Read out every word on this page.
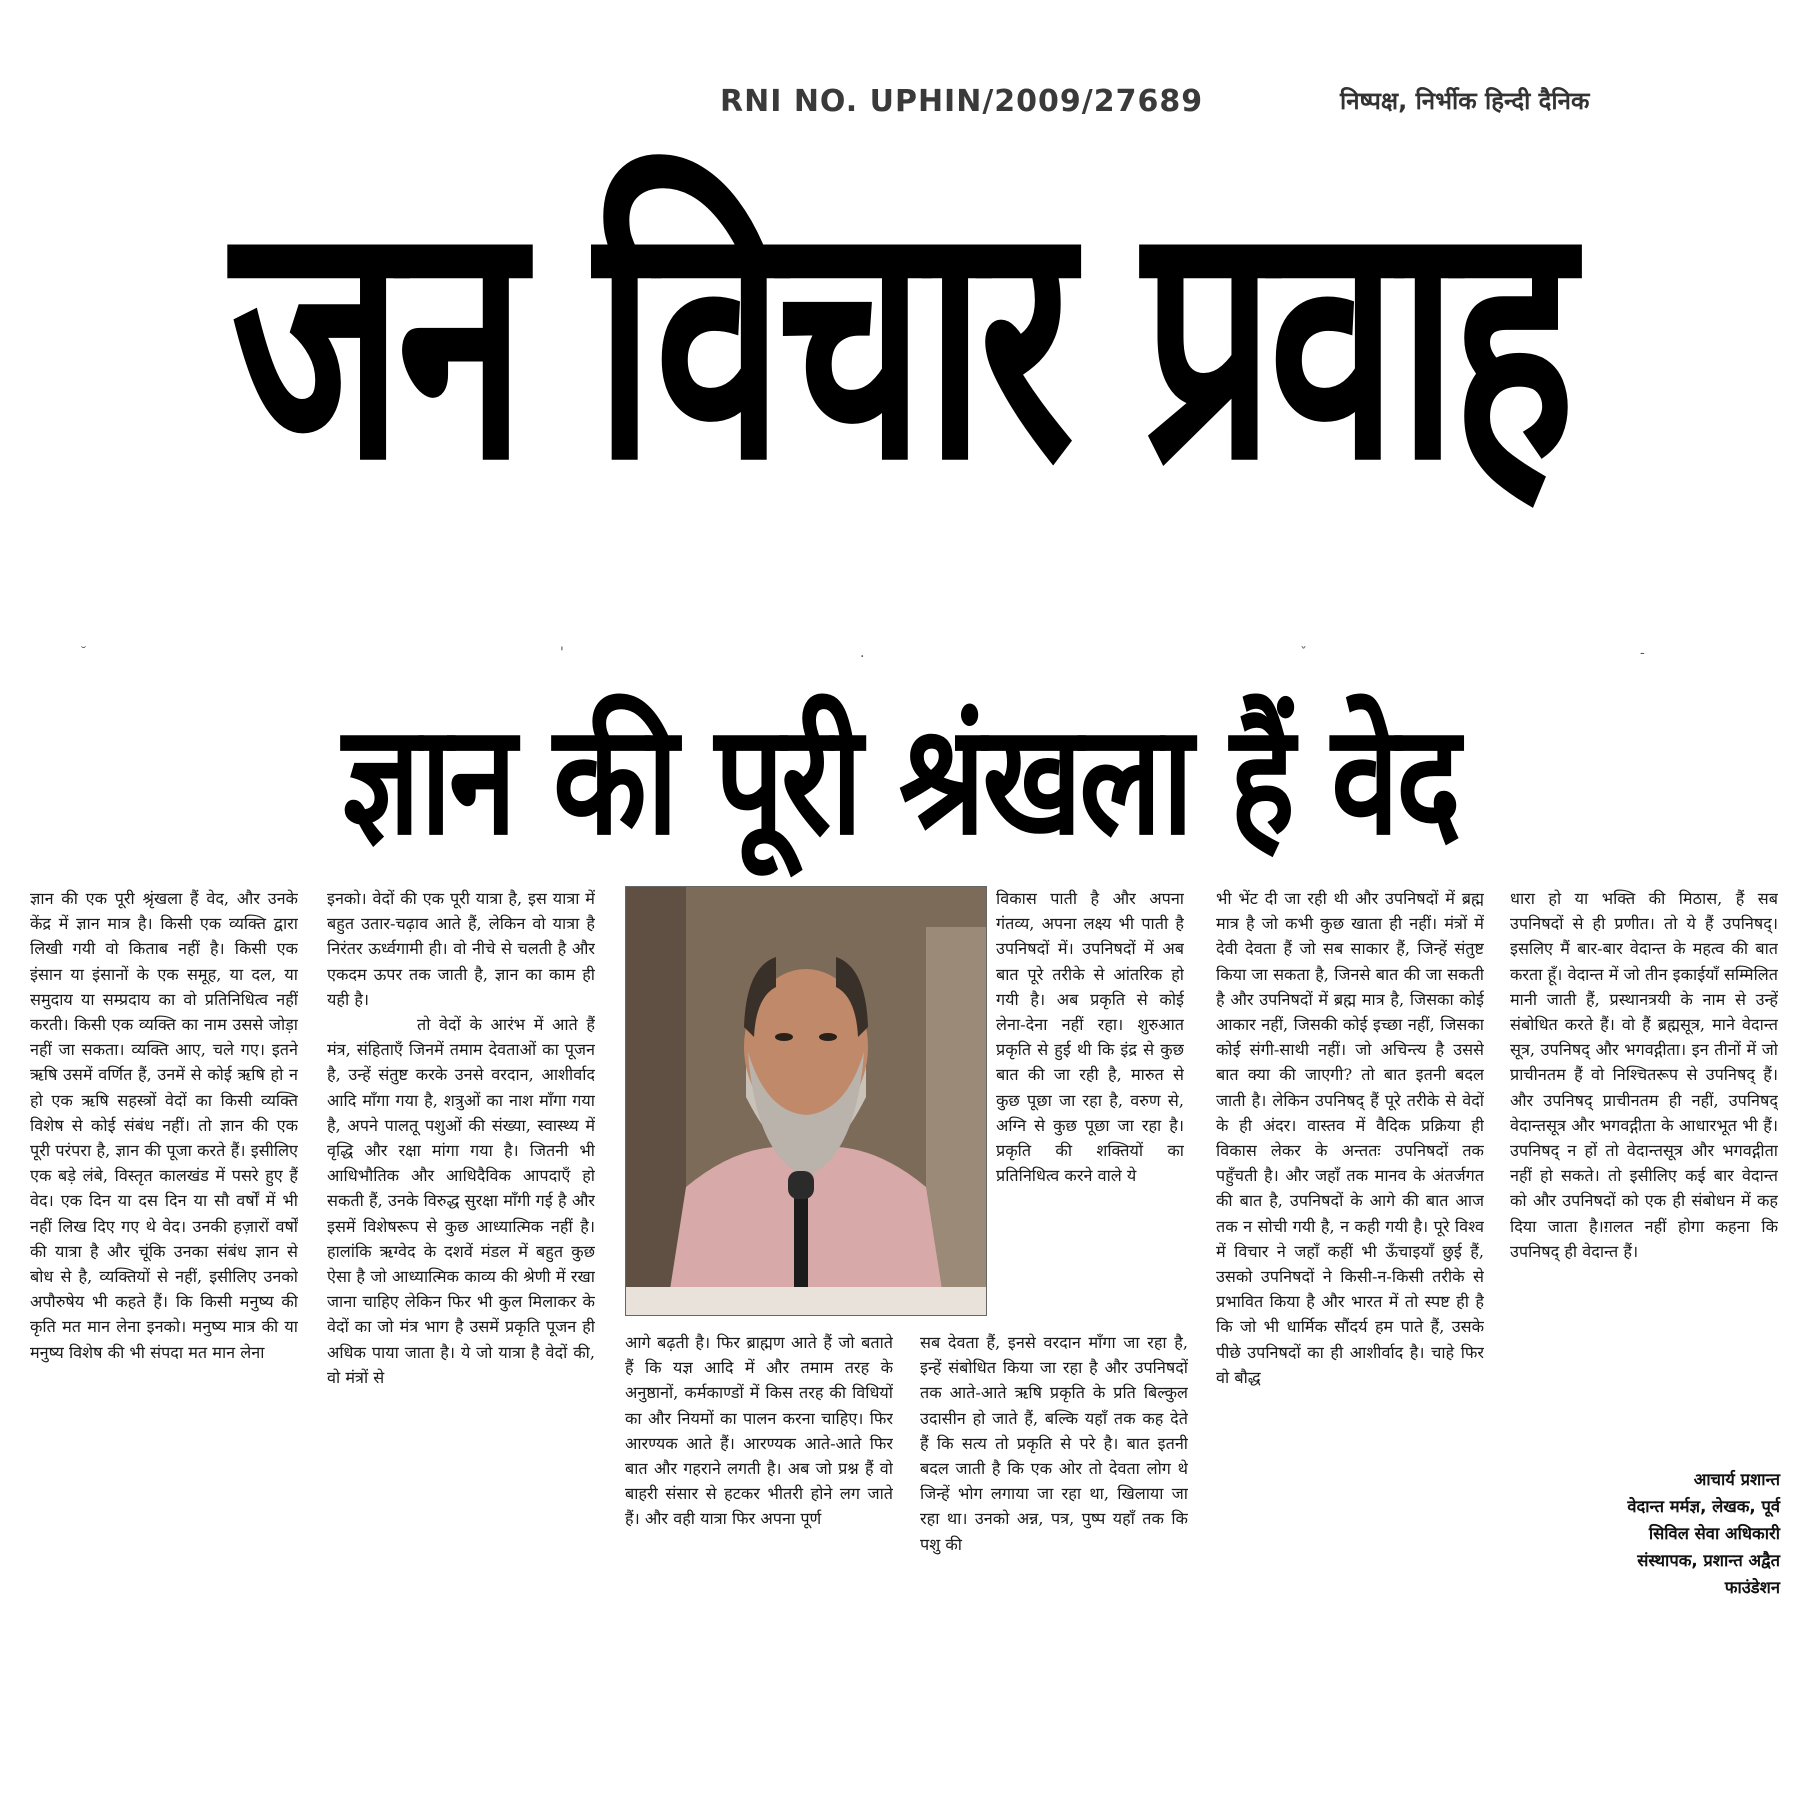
RNI NO. UPHIN/2009/27689	निष्पक्ष, निर्भीक हिन्दी दैनिक
जन विचार प्रवाह
˘	'	.	ˇ	-
ज्ञान की पूरी श्रंखला हैं वेद

ज्ञान की एक पूरी श्रृंखला हैं वेद, और उनके केंद्र में ज्ञान मात्र है। किसी एक व्यक्ति द्वारा लिखी गयी वो किताब नहीं है। किसी एक इंसान या इंसानों के एक समूह, या दल, या समुदाय या सम्प्रदाय का वो प्रतिनिधित्व नहीं करती। किसी एक व्यक्ति का नाम उससे जोड़ा नहीं जा सकता। व्यक्ति आए, चले गए। इतने ऋषि उसमें वर्णित हैं, उनमें से कोई ऋषि हो न हो एक ऋषि सहस्त्रों वेदों का किसी व्यक्ति विशेष से कोई संबंध नहीं। तो ज्ञान की एक पूरी परंपरा है, ज्ञान की पूजा करते हैं। इसीलिए एक बड़े लंबे, विस्तृत कालखंड में पसरे हुए हैं वेद। एक दिन या दस दिन या सौ वर्षों में भी नहीं लिख दिए गए थे वेद। उनकी हज़ारों वर्षों की यात्रा है और चूंकि उनका संबंध ज्ञान से बोध से है, व्यक्तियों से नहीं, इसीलिए उनको अपौरुषेय भी कहते हैं। कि किसी मनुष्य की कृति मत मान लेना इनको। मनुष्य मात्र की या मनुष्य विशेष की भी संपदा मत मान लेना

इनको। वेदों की एक पूरी यात्रा है, इस यात्रा में बहुत उतार-चढ़ाव आते हैं, लेकिन वो यात्रा है निरंतर ऊर्ध्वगामी ही। वो नीचे से चलती है और एकदम ऊपर तक जाती है, ज्ञान का काम ही यही है।

तो वेदों के आरंभ में आते हैं मंत्र, संहिताएँ जिनमें तमाम देवताओं का पूजन है, उन्हें संतुष्ट करके उनसे वरदान, आशीर्वाद आदि माँगा गया है, शत्रुओं का नाश माँगा गया है, अपने पालतू पशुओं की संख्या, स्वास्थ्य में वृद्धि और रक्षा मांगा गया है। जितनी भी आधिभौतिक और आधिदैविक आपदाएँ हो सकती हैं, उनके विरुद्ध सुरक्षा माँगी गई है और इसमें विशेषरूप से कुछ आध्यात्मिक नहीं है। हालांकि ऋग्वेद के दशवें मंडल में बहुत कुछ ऐसा है जो आध्यात्मिक काव्य की श्रेणी में रखा जाना चाहिए लेकिन फिर भी कुल मिलाकर के वेदों का जो मंत्र भाग है उसमें प्रकृति पूजन ही अधिक पाया जाता है। ये जो यात्रा है वेदों की, वो मंत्रों से

विकास पाती है और अपना गंतव्य, अपना लक्ष्य भी पाती है उपनिषदों में। उपनिषदों में अब बात पूरे तरीके से आंतरिक हो गयी है। अब प्रकृति से कोई लेना-देना नहीं रहा। शुरुआत प्रकृति से हुई थी कि इंद्र से कुछ बात की जा रही है, मारुत से कुछ पूछा जा रहा है, वरुण से, अग्नि से कुछ पूछा जा रहा है। प्रकृति की शक्तियों का प्रतिनिधित्व करने वाले ये

आगे बढ़ती है। फिर ब्राह्मण आते हैं जो बताते हैं कि यज्ञ आदि में और तमाम तरह के अनुष्ठानों, कर्मकाण्डों में किस तरह की विधियों का और नियमों का पालन करना चाहिए। फिर आरण्यक आते हैं। आरण्यक आते-आते फिर बात और गहराने लगती है। अब जो प्रश्न हैं वो बाहरी संसार से हटकर भीतरी होने लग जाते हैं। और वही यात्रा फिर अपना पूर्ण

सब देवता हैं, इनसे वरदान माँगा जा रहा है, इन्हें संबोधित किया जा रहा है और उपनिषदों तक आते-आते ऋषि प्रकृति के प्रति बिल्कुल उदासीन हो जाते हैं, बल्कि यहाँ तक कह देते हैं कि सत्य तो प्रकृति से परे है। बात इतनी बदल जाती है कि एक ओर तो देवता लोग थे जिन्हें भोग लगाया जा रहा था, खिलाया जा रहा था। उनको अन्न, पत्र, पुष्प यहाँ तक कि पशु की

भी भेंट दी जा रही थी और उपनिषदों में ब्रह्म मात्र है जो कभी कुछ खाता ही नहीं। मंत्रों में देवी देवता हैं जो सब साकार हैं, जिन्हें संतुष्ट किया जा सकता है, जिनसे बात की जा सकती है और उपनिषदों में ब्रह्म मात्र है, जिसका कोई आकार नहीं, जिसकी कोई इच्छा नहीं, जिसका कोई संगी-साथी नहीं। जो अचिन्त्य है उससे बात क्या की जाएगी? तो बात इतनी बदल जाती है। लेकिन उपनिषद् हैं पूरे तरीके से वेदों के ही अंदर। वास्तव में वैदिक प्रक्रिया ही विकास लेकर के अन्ततः उपनिषदों तक पहुँचती है। और जहाँ तक मानव के अंतर्जगत की बात है, उपनिषदों के आगे की बात आज तक न सोची गयी है, न कही गयी है। पूरे विश्व में विचार ने जहाँ कहीं भी ऊँचाइयाँ छुई हैं, उसको उपनिषदों ने किसी-न-किसी तरीके से प्रभावित किया है और भारत में तो स्पष्ट ही है कि जो भी धार्मिक सौंदर्य हम पाते हैं, उसके पीछे उपनिषदों का ही आशीर्वाद है। चाहे फिर वो बौद्ध

धारा हो या भक्ति की मिठास, हैं सब उपनिषदों से ही प्रणीत। तो ये हैं उपनिषद्। इसलिए मैं बार-बार वेदान्त के महत्व की बात करता हूँ। वेदान्त में जो तीन इकाईयाँ सम्मिलित मानी जाती हैं, प्रस्थानत्रयी के नाम से उन्हें संबोधित करते हैं। वो हैं ब्रह्मसूत्र, माने वेदान्त सूत्र, उपनिषद् और भगवद्गीता। इन तीनों में जो प्राचीनतम हैं वो निश्चितरूप से उपनिषद् हैं। और उपनिषद् प्राचीनतम ही नहीं, उपनिषद् वेदान्तसूत्र और भगवद्गीता के आधारभूत भी हैं। उपनिषद् न हों तो वेदान्तसूत्र और भगवद्गीता नहीं हो सकते। तो इसीलिए कई बार वेदान्त को और उपनिषदों को एक ही संबोधन में कह दिया जाता है।ग़लत नहीं होगा कहना कि उपनिषद् ही वेदान्त हैं।

आचार्य प्रशान्त
वेदान्त मर्मज्ञ, लेखक, पूर्व
सिविल सेवा अधिकारी
संस्थापक, प्रशान्त अद्वैत
फाउंडेशन
